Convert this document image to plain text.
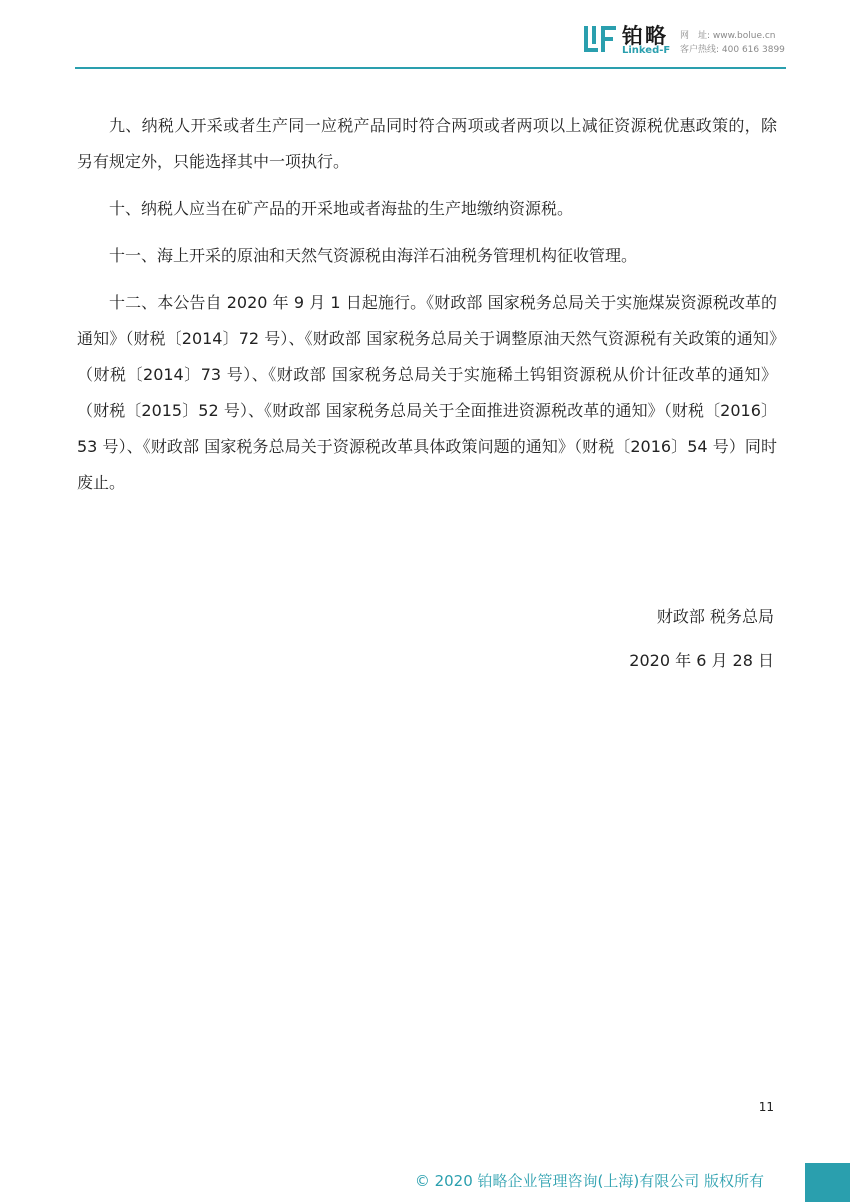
铂略
Linked-F
网　址: www.bolue.cn
客户热线: 400 616 3899

九、纳税人开采或者生产同一应税产品同时符合两项或者两项以上减征资源税优惠政策的，除另有规定外，只能选择其中一项执行。

十、纳税人应当在矿产品的开采地或者海盐的生产地缴纳资源税。

十一、海上开采的原油和天然气资源税由海洋石油税务管理机构征收管理。

十二、本公告自 2020 年 9 月 1 日起施行。《财政部 国家税务总局关于实施煤炭资源税改革的通知》（财税〔2014〕72 号）、《财政部 国家税务总局关于调整原油天然气资源税有关政策的通知》（财税〔2014〕73 号）、《财政部 国家税务总局关于实施稀土钨钼资源税从价计征改革的通知》（财税〔2015〕52 号）、《财政部 国家税务总局关于全面推进资源税改革的通知》（财税〔2016〕53 号）、《财政部 国家税务总局关于资源税改革具体政策问题的通知》（财税〔2016〕54 号）同时废止。

财政部 税务总局
2020 年 6 月 28 日
11
© 2020 铂略企业管理咨询(上海)有限公司 版权所有
